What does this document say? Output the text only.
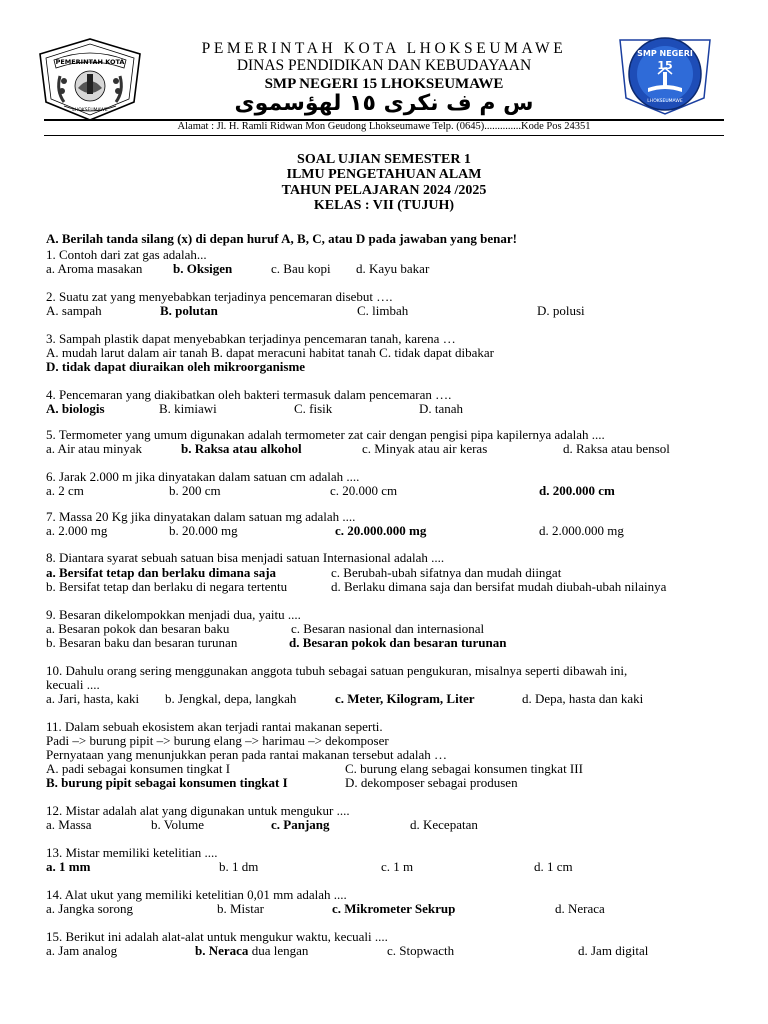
PEMERINTAH KOTA
LHOKSEUMAWE
PEMERINTAH KOTA LHOKSEUMAWE
DINAS PENDIDIKAN DAN KEBUDAYAAN
SMP NEGERI 15 LHOKSEUMAWE
س م ف نکرى ١٥ لهؤسموى
SMP NEGERI
15
LHOKSEUMAWE
Alamat : Jl. H. Ramli Ridwan Mon Geudong Lhokseumawe Telp. (0645)..............Kode Pos 24351
SOAL UJIAN SEMESTER 1
ILMU PENGETAHUAN ALAM
TAHUN PELAJARAN 2024 /2025
KELAS : VII (TUJUH)
A. Berilah tanda silang (x) di depan huruf A, B, C, atau D pada jawaban yang benar!
1. Contoh dari zat gas adalah...
a. Aroma masakan b. Oksigen	c. Bau kopi d. Kayu bakar
2. Suatu zat yang menyebabkan terjadinya pencemaran disebut ….
A. sampah	B. polutan	C. limbah	D. polusi
3. Sampah plastik dapat menyebabkan terjadinya pencemaran tanah, karena …
A. mudah larut dalam air tanah B. dapat meracuni habitat tanah C. tidak dapat dibakar
D. tidak dapat diuraikan oleh mikroorganisme
4. Pencemaran yang diakibatkan oleh bakteri termasuk dalam pencemaran ….
A. biologis	B. kimiawi	C. fisik	D. tanah
5. Termometer yang umum digunakan adalah termometer zat cair dengan pengisi pipa kapilernya adalah ....
a. Air atau minyak	b. Raksa atau alkohol	c. Minyak atau air keras	d. Raksa atau bensol
6. Jarak 2.000 m jika dinyatakan dalam satuan cm adalah ....
a. 2 cm	b. 200 cm	c. 20.000 cm	d. 200.000 cm
7. Massa 20 Kg jika dinyatakan dalam satuan mg adalah ....
a. 2.000 mg	b. 20.000 mg	c. 20.000.000 mg	d. 2.000.000 mg
8. Diantara syarat sebuah satuan bisa menjadi satuan Internasional adalah ....
a. Bersifat tetap dan berlaku dimana saja	c. Berubah-ubah sifatnya dan mudah diingat
b. Bersifat tetap dan berlaku di negara tertentu	d. Berlaku dimana saja dan bersifat mudah diubah-ubah nilainya
9. Besaran dikelompokkan menjadi dua, yaitu ....
a. Besaran pokok dan besaran baku	c. Besaran nasional dan internasional
b. Besaran baku dan besaran turunan	d. Besaran pokok dan besaran turunan
10. Dahulu orang sering menggunakan anggota tubuh sebagai satuan pengukuran, misalnya seperti dibawah ini,
kecuali ....
a. Jari, hasta, kaki b. Jengkal, depa, langkah	c. Meter, Kilogram, Liter	d. Depa, hasta dan kaki
11. Dalam sebuah ekosistem akan terjadi rantai makanan seperti.
Padi –> burung pipit –> burung elang –> harimau –> dekomposer
Pernyataan yang menunjukkan peran pada rantai makanan tersebut adalah …
A. padi sebagai konsumen tingkat I	C. burung elang sebagai konsumen tingkat III
B. burung pipit sebagai konsumen tingkat I	D. dekomposer sebagai produsen
12. Mistar adalah alat yang digunakan untuk mengukur ....
a. Massa	b. Volume	c. Panjang	d. Kecepatan
13. Mistar memiliki ketelitian ....
a. 1 mm	b. 1 dm	c. 1 m	d. 1 cm
14. Alat ukut yang memiliki ketelitian 0,01 mm adalah ....
a. Jangka sorong	b. Mistar	c. Mikrometer Sekrup	d. Neraca
15. Berikut ini adalah alat-alat untuk mengukur waktu, kecuali ....
a. Jam analog	b. Neraca dua lengan	c. Stopwacth	d. Jam digital
